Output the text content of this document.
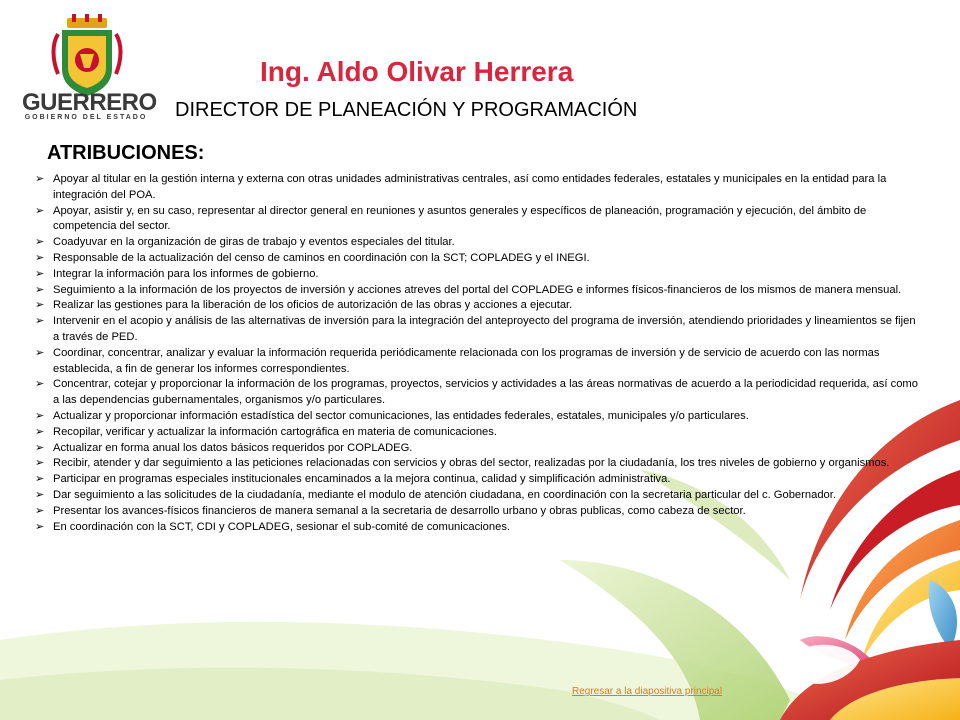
GUERRERO
GOBIERNO DEL ESTADO
Ing. Aldo Olivar Herrera
DIRECTOR DE PLANEACIÓN Y PROGRAMACIÓN
ATRIBUCIONES:
➢ Apoyar al titular en la gestión interna y externa con otras unidades administrativas centrales, así como entidades federales, estatales y municipales en la entidad para la integración del POA.
➢ Apoyar, asistir y, en su caso, representar al director general en reuniones y asuntos generales y específicos de planeación, programación y ejecución, del ámbito de competencia del sector.
➢ Coadyuvar en la organización de giras de trabajo y eventos especiales del titular.
➢ Responsable de la actualización del censo de caminos en coordinación con la SCT; COPLADEG y el INEGI.
➢ Integrar la información para los informes de gobierno.
➢ Seguimiento a la información de los proyectos de inversión y acciones atreves del portal del COPLADEG e informes físicos-financieros de los mismos de manera mensual.
➢ Realizar las gestiones para la liberación de los oficios de autorización de las obras y acciones a ejecutar.
➢ Intervenir en el acopio y análisis de las alternativas de inversión para la integración del anteproyecto del programa de inversión, atendiendo prioridades y lineamientos se fijen a través de PED.
➢ Coordinar, concentrar, analizar y evaluar la información requerida periódicamente relacionada con los programas de inversión y de servicio de acuerdo con las normas establecida, a fin de generar los informes correspondientes.
➢ Concentrar, cotejar y proporcionar la información de los programas, proyectos, servicios y actividades a las áreas normativas de acuerdo a la periodicidad requerida, así como a las dependencias gubernamentales, organismos y/o particulares.
➢ Actualizar y proporcionar información estadística del sector comunicaciones, las entidades federales, estatales, municipales y/o particulares.
➢ Recopilar, verificar y actualizar la información cartográfica en materia de comunicaciones.
➢ Actualizar en forma anual los datos básicos requeridos por COPLADEG.
➢ Recibir, atender y dar seguimiento a las peticiones relacionadas con servicios y obras del sector, realizadas por la ciudadanía, los tres niveles de gobierno y organismos.
➢ Participar en programas especiales institucionales encaminados a la mejora continua, calidad y simplificación administrativa.
➢ Dar seguimiento a las solicitudes de la ciudadanía, mediante el modulo de atención ciudadana, en coordinación con la secretaria particular del c. Gobernador.
➢ Presentar los avances-físicos financieros de manera semanal a la secretaria de desarrollo urbano y obras publicas, como cabeza de sector.
➢ En coordinación con la SCT, CDI y COPLADEG, sesionar el sub-comité de comunicaciones.
Regresar a la diapositiva principal
